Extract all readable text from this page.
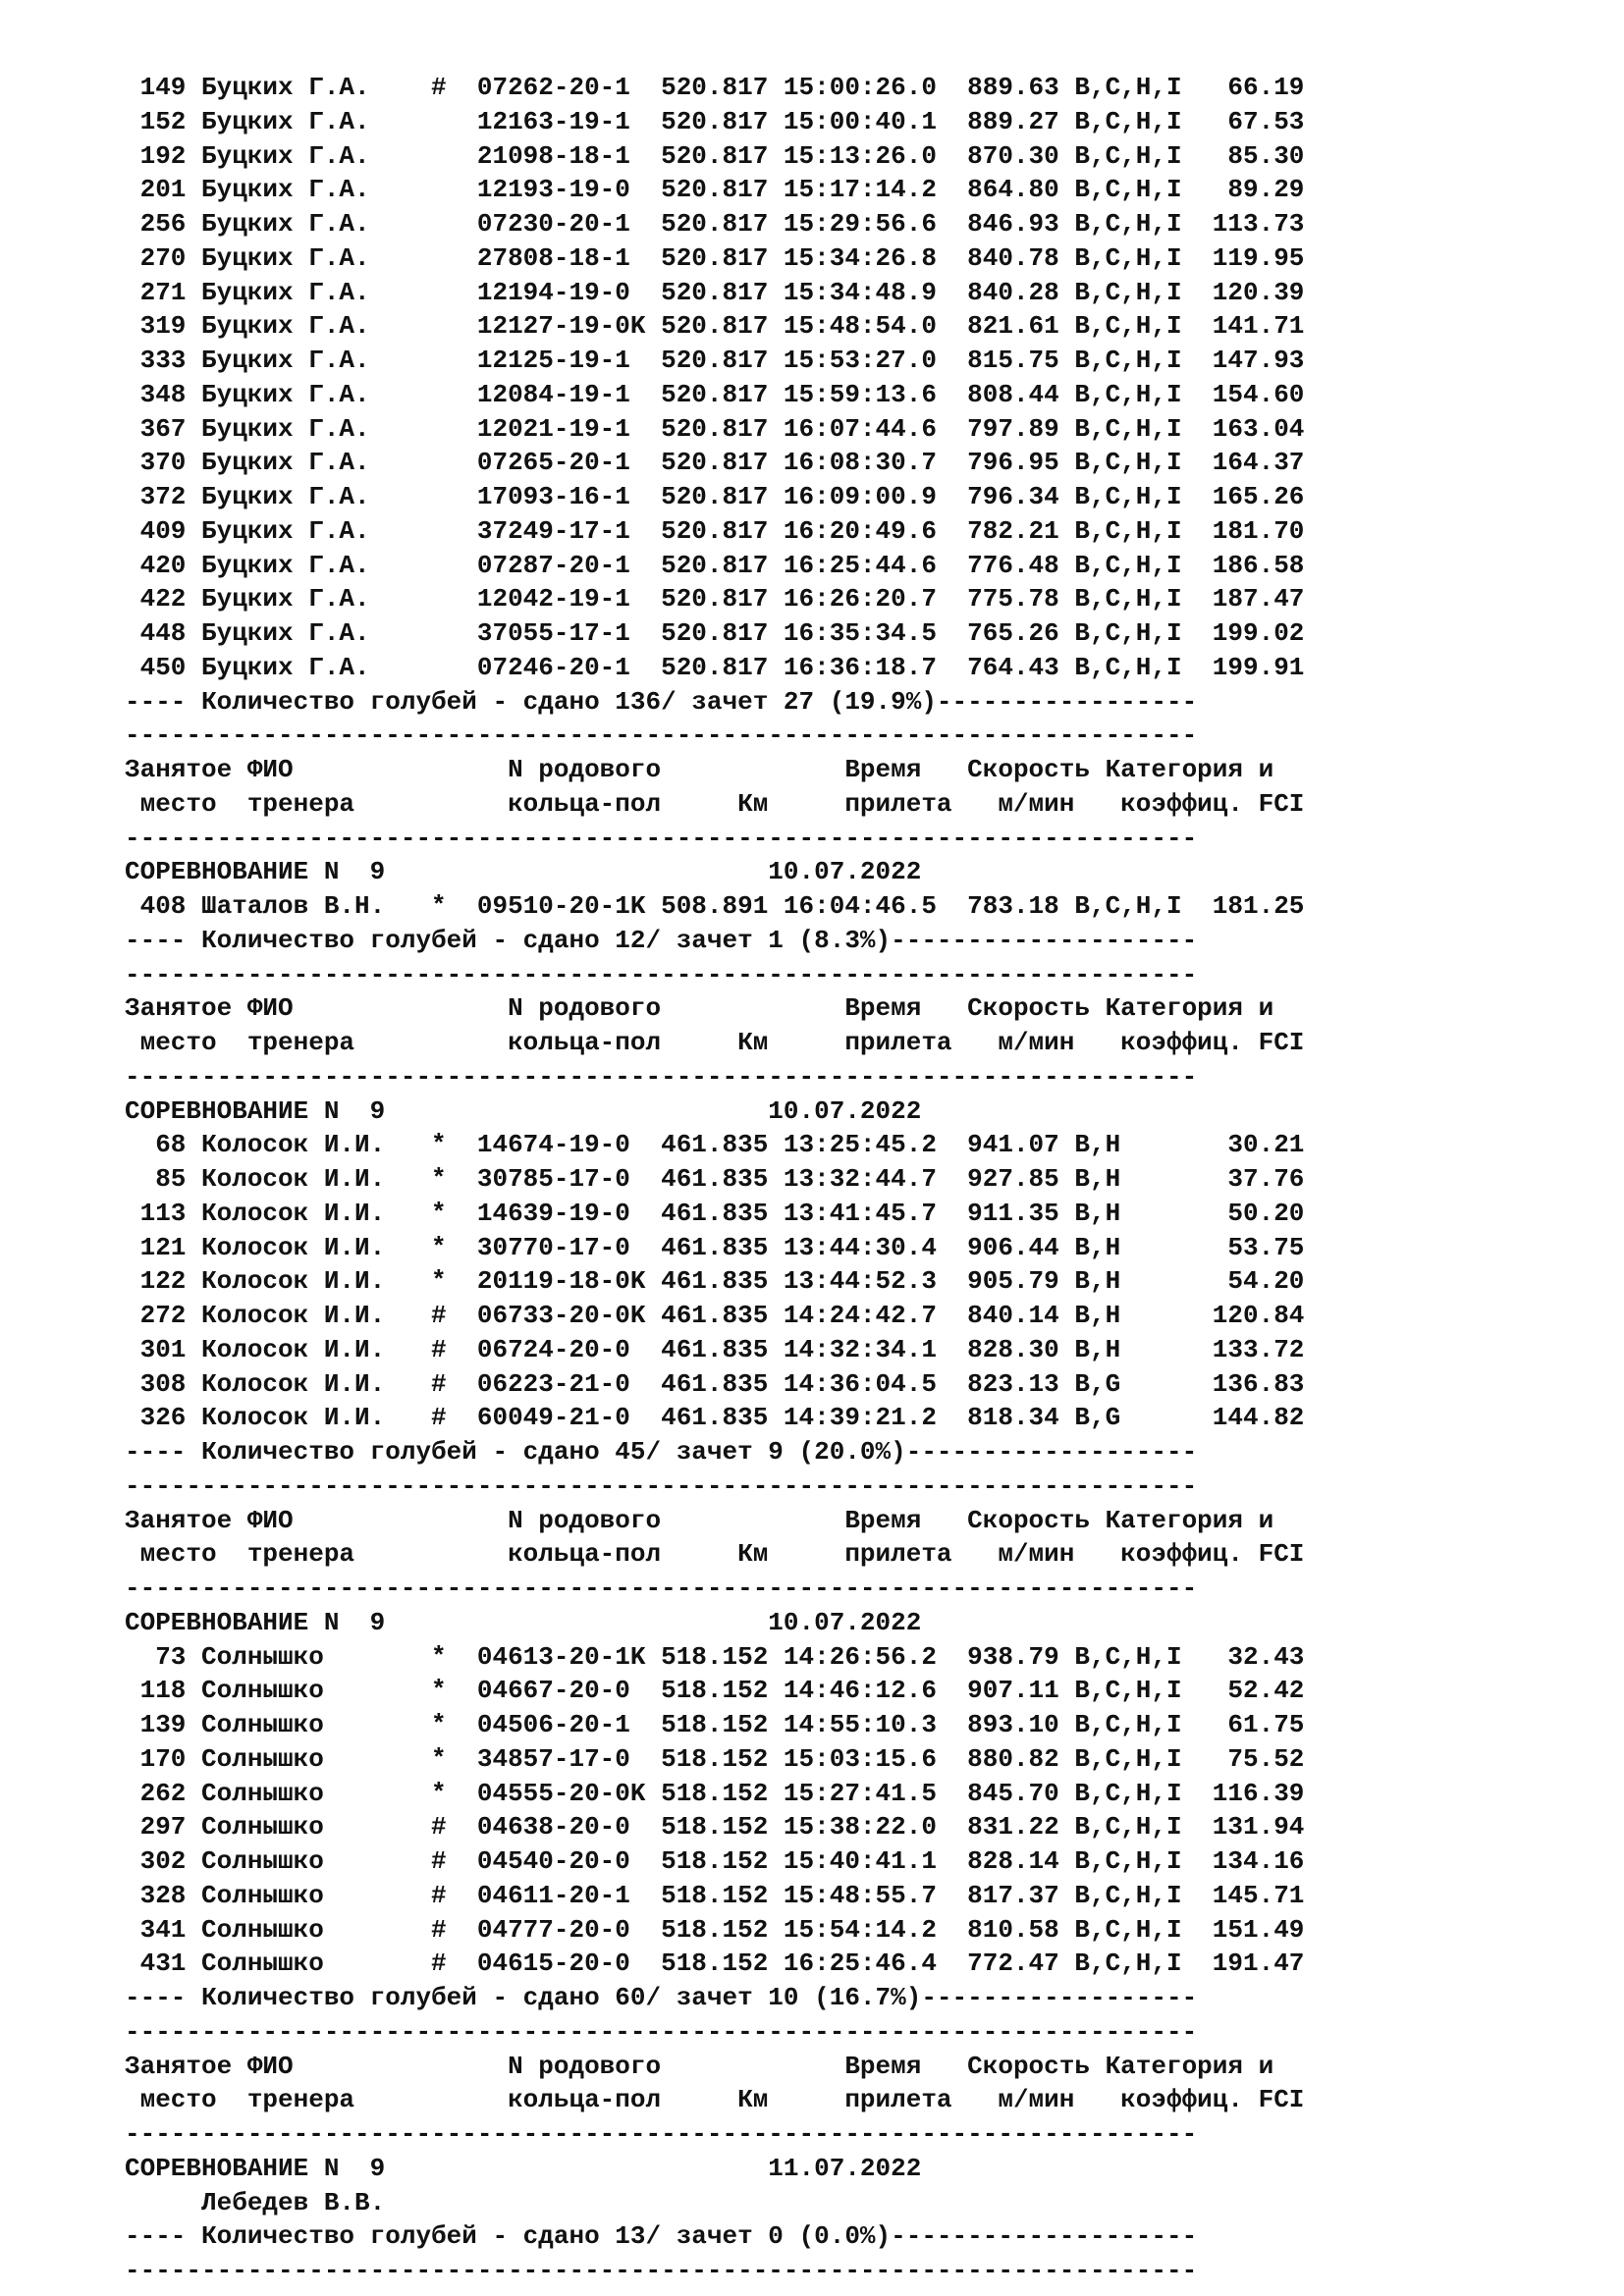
149 Буцких Г.А.    #  07262-20-1  520.817 15:00:26.0  889.63 B,C,H,I   66.19
152 Буцких Г.А.       12163-19-1  520.817 15:00:40.1  889.27 B,C,H,I   67.53
192 Буцких Г.А.       21098-18-1  520.817 15:13:26.0  870.30 B,C,H,I   85.30
201 Буцких Г.А.       12193-19-0  520.817 15:17:14.2  864.80 B,C,H,I   89.29
256 Буцких Г.А.       07230-20-1  520.817 15:29:56.6  846.93 B,C,H,I  113.73
270 Буцких Г.А.       27808-18-1  520.817 15:34:26.8  840.78 B,C,H,I  119.95
271 Буцких Г.А.       12194-19-0  520.817 15:34:48.9  840.28 B,C,H,I  120.39
319 Буцких Г.А.       12127-19-0K 520.817 15:48:54.0  821.61 B,C,H,I  141.71
333 Буцких Г.А.       12125-19-1  520.817 15:53:27.0  815.75 B,C,H,I  147.93
348 Буцких Г.А.       12084-19-1  520.817 15:59:13.6  808.44 B,C,H,I  154.60
367 Буцких Г.А.       12021-19-1  520.817 16:07:44.6  797.89 B,C,H,I  163.04
370 Буцких Г.А.       07265-20-1  520.817 16:08:30.7  796.95 B,C,H,I  164.37
372 Буцких Г.А.       17093-16-1  520.817 16:09:00.9  796.34 B,C,H,I  165.26
409 Буцких Г.А.       37249-17-1  520.817 16:20:49.6  782.21 B,C,H,I  181.70
420 Буцких Г.А.       07287-20-1  520.817 16:25:44.6  776.48 B,C,H,I  186.58
422 Буцких Г.А.       12042-19-1  520.817 16:26:20.7  775.78 B,C,H,I  187.47
448 Буцких Г.А.       37055-17-1  520.817 16:35:34.5  765.26 B,C,H,I  199.02
450 Буцких Г.А.       07246-20-1  520.817 16:36:18.7  764.43 B,C,H,I  199.91
---- Количество голубей - сдано 136/ зачет 27 (19.9%)-----------------
----------------------------------------------------------------------
Занятое ФИО              N родового            Время   Скорость Категория и
место  тренера          кольца-пол     Км     прилета   м/мин   коэффиц. FCI
----------------------------------------------------------------------
СОРЕВНОВАНИЕ N  9                         10.07.2022
408 Шаталов В.Н.   *  09510-20-1K 508.891 16:04:46.5  783.18 B,C,H,I  181.25
---- Количество голубей - сдано 12/ зачет 1 (8.3%)--------------------
----------------------------------------------------------------------
Занятое ФИО              N родового            Время   Скорость Категория и
место  тренера          кольца-пол     Км     прилета   м/мин   коэффиц. FCI
----------------------------------------------------------------------
СОРЕВНОВАНИЕ N  9                         10.07.2022
68 Колосок И.И.   *  14674-19-0  461.835 13:25:45.2  941.07 B,H       30.21
85 Колосок И.И.   *  30785-17-0  461.835 13:32:44.7  927.85 B,H       37.76
113 Колосок И.И.   *  14639-19-0  461.835 13:41:45.7  911.35 B,H       50.20
121 Колосок И.И.   *  30770-17-0  461.835 13:44:30.4  906.44 B,H       53.75
122 Колосок И.И.   *  20119-18-0K 461.835 13:44:52.3  905.79 B,H       54.20
272 Колосок И.И.   #  06733-20-0K 461.835 14:24:42.7  840.14 B,H      120.84
301 Колосок И.И.   #  06724-20-0  461.835 14:32:34.1  828.30 B,H      133.72
308 Колосок И.И.   #  06223-21-0  461.835 14:36:04.5  823.13 B,G      136.83
326 Колосок И.И.   #  60049-21-0  461.835 14:39:21.2  818.34 B,G      144.82
---- Количество голубей - сдано 45/ зачет 9 (20.0%)-------------------
----------------------------------------------------------------------
Занятое ФИО              N родового            Время   Скорость Категория и
место  тренера          кольца-пол     Км     прилета   м/мин   коэффиц. FCI
----------------------------------------------------------------------
СОРЕВНОВАНИЕ N  9                         10.07.2022
73 Солнышко       *  04613-20-1K 518.152 14:26:56.2  938.79 B,C,H,I   32.43
118 Солнышко       *  04667-20-0  518.152 14:46:12.6  907.11 B,C,H,I   52.42
139 Солнышко       *  04506-20-1  518.152 14:55:10.3  893.10 B,C,H,I   61.75
170 Солнышко       *  34857-17-0  518.152 15:03:15.6  880.82 B,C,H,I   75.52
262 Солнышко       *  04555-20-0K 518.152 15:27:41.5  845.70 B,C,H,I  116.39
297 Солнышко       #  04638-20-0  518.152 15:38:22.0  831.22 B,C,H,I  131.94
302 Солнышко       #  04540-20-0  518.152 15:40:41.1  828.14 B,C,H,I  134.16
328 Солнышко       #  04611-20-1  518.152 15:48:55.7  817.37 B,C,H,I  145.71
341 Солнышко       #  04777-20-0  518.152 15:54:14.2  810.58 B,C,H,I  151.49
431 Солнышко       #  04615-20-0  518.152 16:25:46.4  772.47 B,C,H,I  191.47
---- Количество голубей - сдано 60/ зачет 10 (16.7%)------------------
----------------------------------------------------------------------
Занятое ФИО              N родового            Время   Скорость Категория и
место  тренера          кольца-пол     Км     прилета   м/мин   коэффиц. FCI
----------------------------------------------------------------------
СОРЕВНОВАНИЕ N  9                         11.07.2022
Лебедев В.В.
---- Количество голубей - сдано 13/ зачет 0 (0.0%)--------------------
----------------------------------------------------------------------
